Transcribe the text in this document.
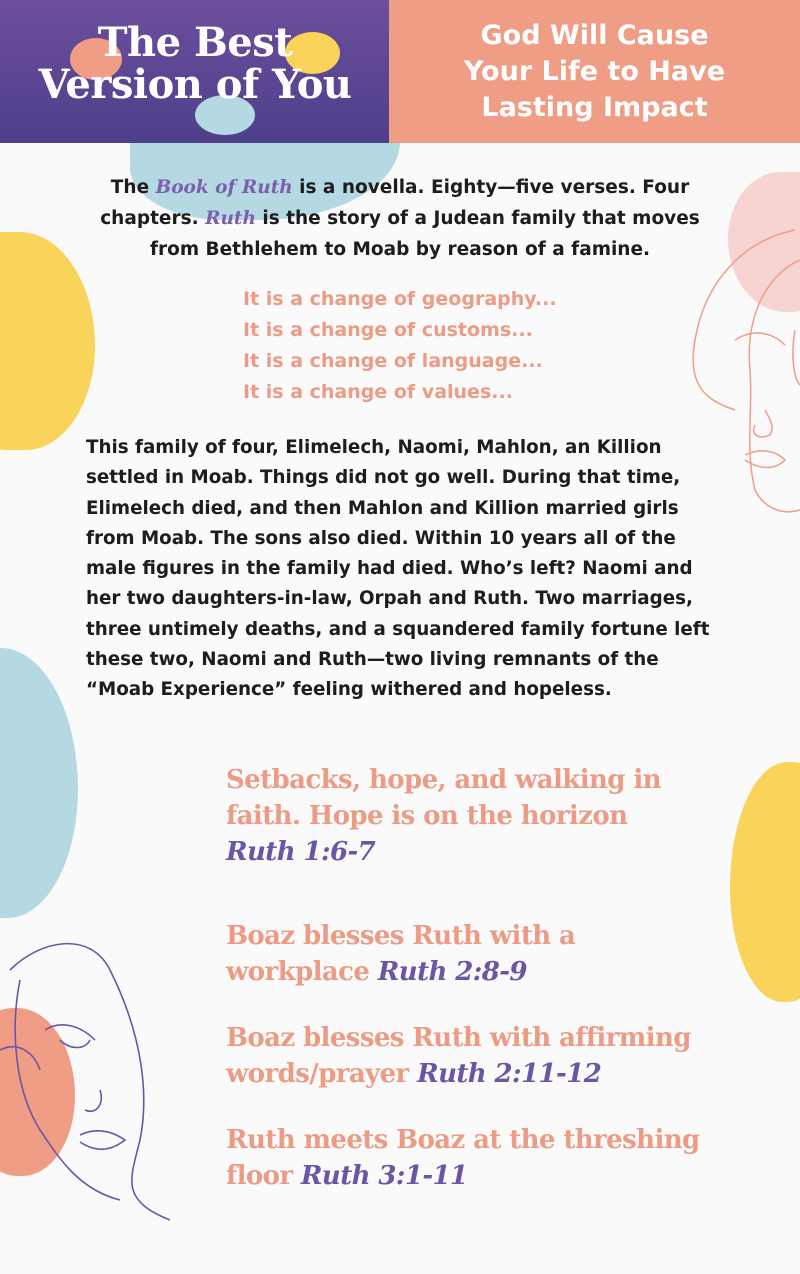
The Best
Version of You
God Will Cause
Your Life to Have
Lasting Impact
The Book of Ruth is a novella. Eighty—five verses. Four chapters. Ruth is the story of a Judean family that moves from Bethlehem to Moab by reason of a famine.
It is a change of geography...
It is a change of customs...
It is a change of language...
It is a change of values...
This family of four, Elimelech, Naomi, Mahlon, an Killion settled in Moab. Things did not go well. During that time, Elimelech died, and then Mahlon and Killion married girls from Moab. The sons also died. Within 10 years all of the male figures in the family had died. Who’s left? Naomi and her two daughters-in-law, Orpah and Ruth. Two marriages, three untimely deaths, and a squandered family fortune left these two, Naomi and Ruth—two living remnants of the “Moab Experience” feeling withered and hopeless.
Setbacks, hope, and walking in
faith. Hope is on the horizon
Ruth 1:6-7
Boaz blesses Ruth with a
workplace Ruth 2:8-9
Boaz blesses Ruth with affirming
words/prayer Ruth 2:11-12
Ruth meets Boaz at the threshing
floor Ruth 3:1-11
